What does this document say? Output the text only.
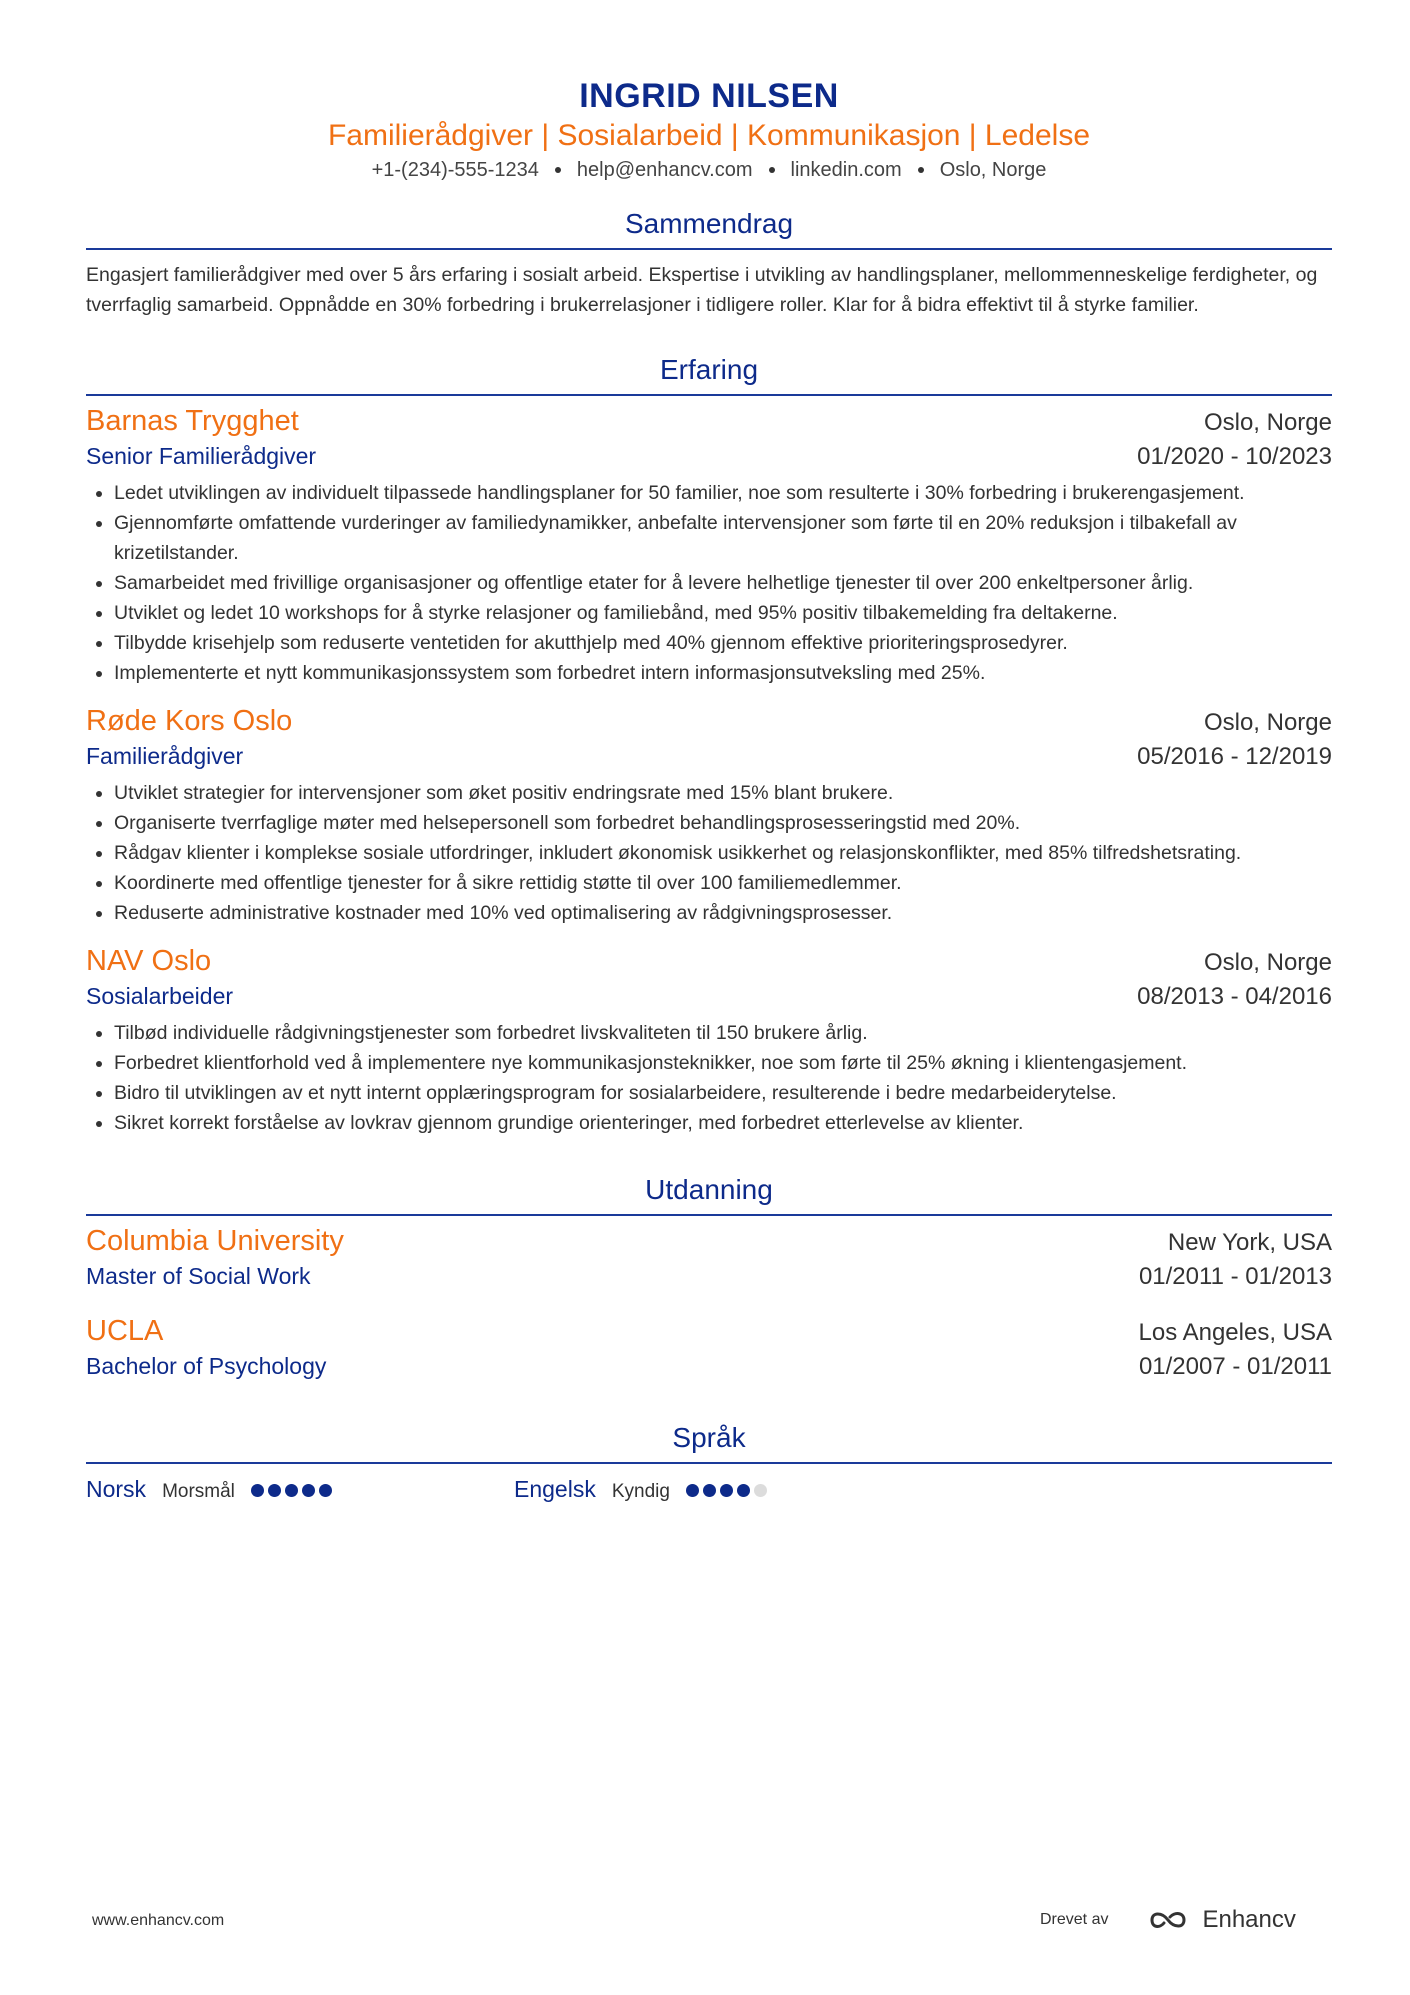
INGRID NILSEN
Familierådgiver | Sosialarbeid | Kommunikasjon | Ledelse
+1-(234)-555-1234 help@enhancv.com linkedin.com Oslo, Norge
Sammendrag
Engasjert familierådgiver med over 5 års erfaring i sosialt arbeid. Ekspertise i utvikling av handlingsplaner, mellommenneskelige ferdigheter, og tverrfaglig samarbeid. Oppnådde en 30% forbedring i brukerrelasjoner i tidligere roller. Klar for å bidra effektivt til å styrke familier.
Erfaring
Barnas Trygghet	Oslo, Norge
Senior Familierådgiver	01/2020 - 10/2023
Ledet utviklingen av individuelt tilpassede handlingsplaner for 50 familier, noe som resulterte i 30% forbedring i brukerengasjement.
Gjennomførte omfattende vurderinger av familiedynamikker, anbefalte intervensjoner som førte til en 20% reduksjon i tilbakefall av krizetilstander.
Samarbeidet med frivillige organisasjoner og offentlige etater for å levere helhetlige tjenester til over 200 enkeltpersoner årlig.
Utviklet og ledet 10 workshops for å styrke relasjoner og familiebånd, med 95% positiv tilbakemelding fra deltakerne.
Tilbydde krisehjelp som reduserte ventetiden for akutthjelp med 40% gjennom effektive prioriteringsprosedyrer.
Implementerte et nytt kommunikasjonssystem som forbedret intern informasjonsutveksling med 25%.
Røde Kors Oslo	Oslo, Norge
Familierådgiver	05/2016 - 12/2019
Utviklet strategier for intervensjoner som øket positiv endringsrate med 15% blant brukere.
Organiserte tverrfaglige møter med helsepersonell som forbedret behandlingsprosesseringstid med 20%.
Rådgav klienter i komplekse sosiale utfordringer, inkludert økonomisk usikkerhet og relasjonskonflikter, med 85% tilfredshetsrating.
Koordinerte med offentlige tjenester for å sikre rettidig støtte til over 100 familiemedlemmer.
Reduserte administrative kostnader med 10% ved optimalisering av rådgivningsprosesser.
NAV Oslo	Oslo, Norge
Sosialarbeider	08/2013 - 04/2016
Tilbød individuelle rådgivningstjenester som forbedret livskvaliteten til 150 brukere årlig.
Forbedret klientforhold ved å implementere nye kommunikasjonsteknikker, noe som førte til 25% økning i klientengasjement.
Bidro til utviklingen av et nytt internt opplæringsprogram for sosialarbeidere, resulterende i bedre medarbeiderytelse.
Sikret korrekt forståelse av lovkrav gjennom grundige orienteringer, med forbedret etterlevelse av klienter.
Utdanning
Columbia University	New York, USA
Master of Social Work	01/2011 - 01/2013
UCLA	Los Angeles, USA
Bachelor of Psychology	01/2007 - 01/2011
Språk
Norsk Morsmål	Engelsk Kyndig
www.enhancv.com	Drevet av	Enhancv
